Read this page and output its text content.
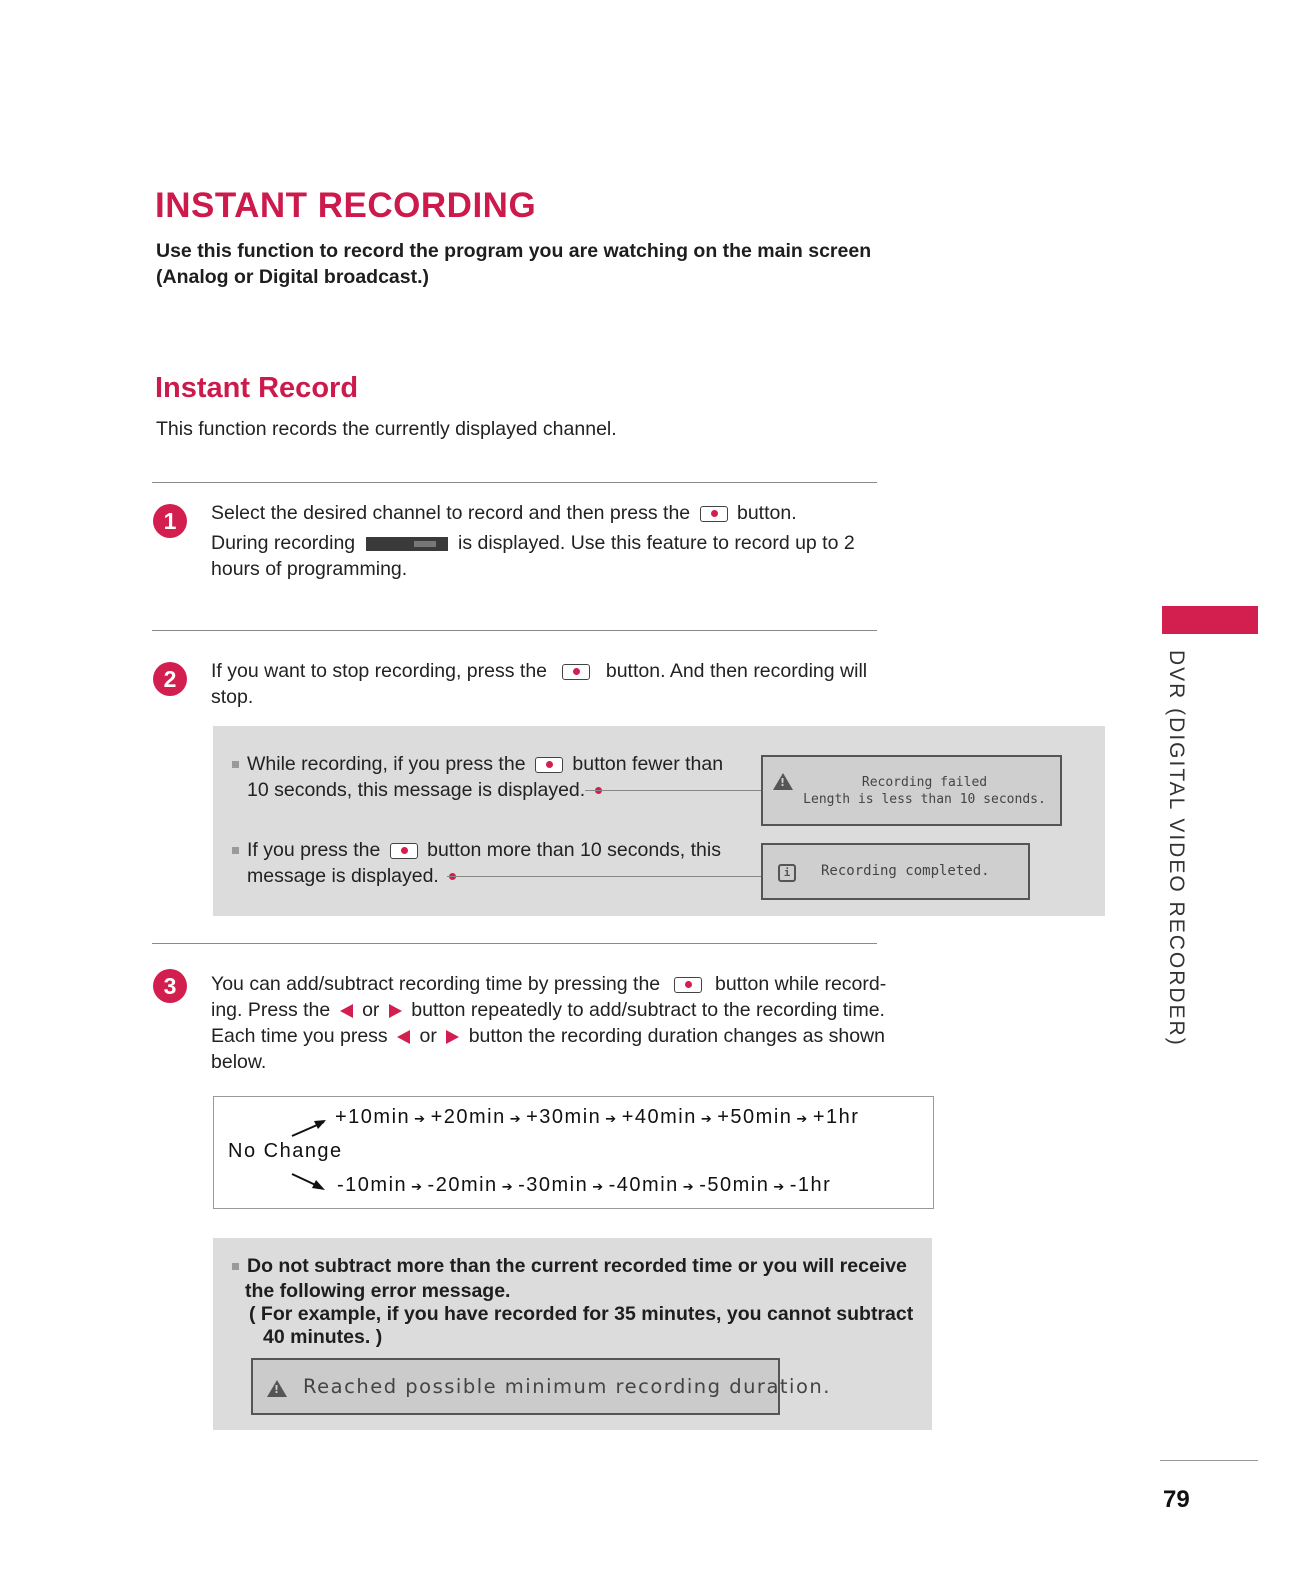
INSTANT RECORDING
Use this function to record the program you are watching on the main screen
(Analog or Digital broadcast.)
Instant Record
This function records the currently displayed channel.
1	Select the desired channel to record and then press the button.
During recording	is displayed. Use this feature to record up to 2
hours of programming.
2	If you want to stop recording, press the	button. And then recording will
stop.
While recording, if you press the button fewer than
10 seconds, this message is displayed.
If you press the button more than 10 seconds, this
message is displayed.
!
Recording failed
Length is less than 10 seconds.
i	Recording completed.
3	You can add/subtract recording time by pressing the	button while record-
ing. Press the or button repeatedly to add/subtract to the recording time.
Each time you press or button the recording duration changes as shown
below.
No Change
+10min ➔ +20min ➔ +30min ➔ +40min ➔ +50min ➔ +1hr
-10min ➔ -20min ➔ -30min ➔ -40min ➔ -50min ➔ -1hr
Do not subtract more than the current recorded time or you will receive
the following error message.
( For example, if you have recorded for 35 minutes, you cannot subtract
40 minutes. )
!
Reached possible minimum recording duration.
DVR (DIGITAL VIDEO RECORDER)
79
